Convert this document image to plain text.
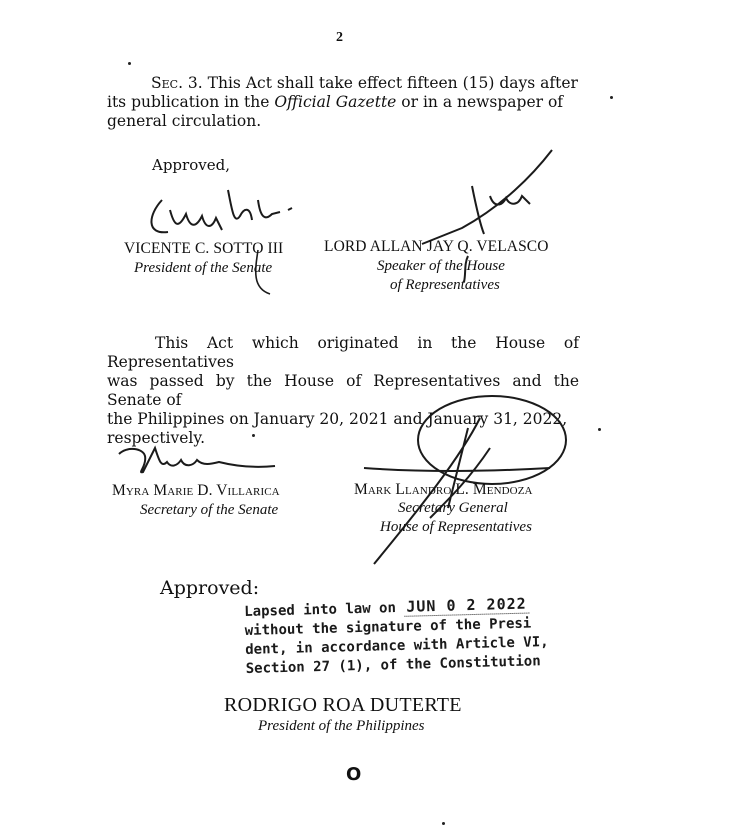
2
Sec. 3. This Act shall take effect fifteen (15) days after
its publication in the Official Gazette or in a newspaper of
general circulation.
Approved,
VICENTE C. SOTTO III
President of the Senate
LORD ALLAN JAY Q. VELASCO
Speaker of the House
of Representatives
This Act which originated in the House of Representatives
was passed by the House of Representatives and the Senate of
the Philippines on January 20, 2021 and January 31, 2022,
respectively.
Myra Marie D. Villarica
Secretary of the Senate
Mark Llandro L. Mendoza
Secretary General
House of Representatives
Approved:
Lapsed into law on JUN 0 2 2022
without the signature of the Presi
dent, in accordance with Article VI,
Section 27 (1), of the Constitution
RODRIGO ROA DUTERTE
President of the Philippines
O
